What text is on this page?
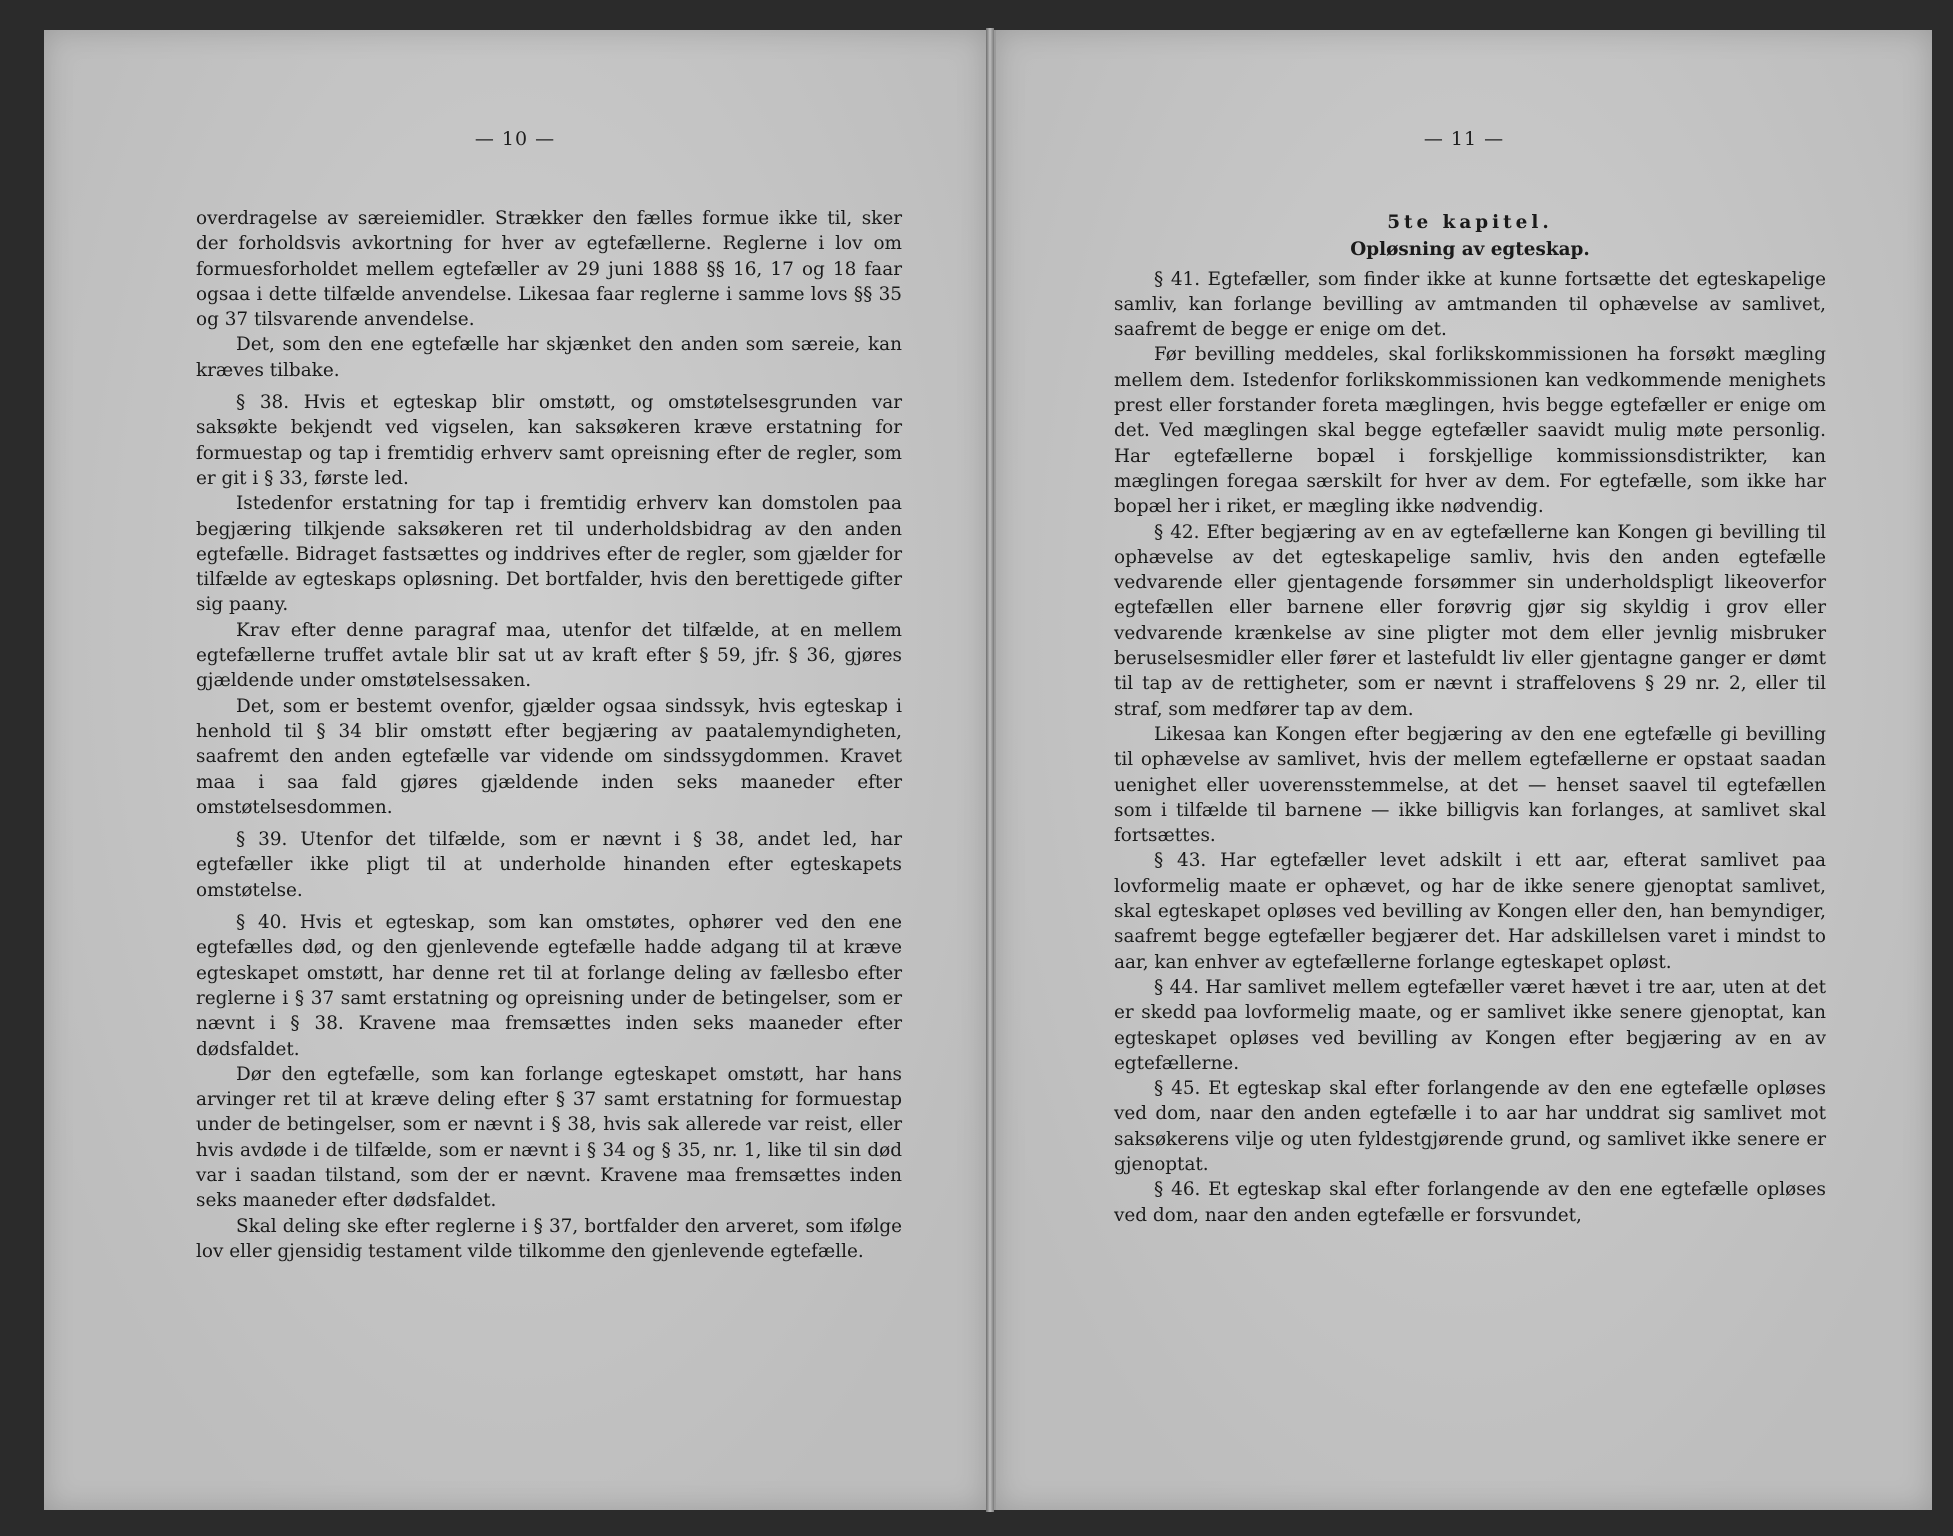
— 10 —

overdragelse av særeiemidler. Strækker den fælles formue ikke til, sker der forholdsvis avkortning for hver av egtefællerne. Reglerne i lov om formuesforholdet mellem egtefæller av 29 juni 1888 §§ 16, 17 og 18 faar ogsaa i dette tilfælde anvendelse. Likesaa faar reglerne i samme lovs §§ 35 og 37 tilsvarende anvendelse.

Det, som den ene egtefælle har skjænket den anden som særeie, kan kræves tilbake.

§ 38. Hvis et egteskap blir omstøtt, og omstøtelsesgrunden var saksøkte bekjendt ved vigselen, kan saksøkeren kræve erstatning for formuestap og tap i fremtidig erhverv samt opreisning efter de regler, som er git i § 33, første led.

Istedenfor erstatning for tap i fremtidig erhverv kan domstolen paa begjæring tilkjende saksøkeren ret til underholdsbidrag av den anden egtefælle. Bidraget fastsættes og inddrives efter de regler, som gjælder for tilfælde av egteskaps opløsning. Det bortfalder, hvis den berettigede gifter sig paany.

Krav efter denne paragraf maa, utenfor det tilfælde, at en mellem egtefællerne truffet avtale blir sat ut av kraft efter § 59, jfr. § 36, gjøres gjældende under omstøtelsessaken.

Det, som er bestemt ovenfor, gjælder ogsaa sindssyk, hvis egteskap i henhold til § 34 blir omstøtt efter begjæring av paatalemyndigheten, saafremt den anden egtefælle var vidende om sindssygdommen. Kravet maa i saa fald gjøres gjældende inden seks maaneder efter omstøtelsesdommen.

§ 39. Utenfor det tilfælde, som er nævnt i § 38, andet led, har egtefæller ikke pligt til at underholde hinanden efter egteskapets omstøtelse.

§ 40. Hvis et egteskap, som kan omstøtes, ophører ved den ene egtefælles død, og den gjenlevende egtefælle hadde adgang til at kræve egteskapet omstøtt, har denne ret til at forlange deling av fællesbo efter reglerne i § 37 samt erstatning og opreisning under de betingelser, som er nævnt i § 38. Kravene maa fremsættes inden seks maaneder efter dødsfaldet.

Dør den egtefælle, som kan forlange egteskapet omstøtt, har hans arvinger ret til at kræve deling efter § 37 samt erstatning for formuestap under de betingelser, som er nævnt i § 38, hvis sak allerede var reist, eller hvis avdøde i de tilfælde, som er nævnt i § 34 og § 35, nr. 1, like til sin død var i saadan tilstand, som der er nævnt. Kravene maa fremsættes inden seks maaneder efter dødsfaldet.

Skal deling ske efter reglerne i § 37, bortfalder den arveret, som ifølge lov eller gjensidig testament vilde tilkomme den gjenlevende egtefælle.

— 11 —

5te kapitel.

Opløsning av egteskap.

§ 41. Egtefæller, som finder ikke at kunne fortsætte det egteskapelige samliv, kan forlange bevilling av amtmanden til ophævelse av samlivet, saafremt de begge er enige om det.

Før bevilling meddeles, skal forlikskommissionen ha forsøkt mægling mellem dem. Istedenfor forlikskommissionen kan vedkommende menighets prest eller forstander foreta mæglingen, hvis begge egtefæller er enige om det. Ved mæglingen skal begge egtefæller saavidt mulig møte personlig. Har egtefællerne bopæl i forskjellige kommissionsdistrikter, kan mæglingen foregaa særskilt for hver av dem. For egtefælle, som ikke har bopæl her i riket, er mægling ikke nødvendig.

§ 42. Efter begjæring av en av egtefællerne kan Kongen gi bevilling til ophævelse av det egteskapelige samliv, hvis den anden egtefælle vedvarende eller gjentagende forsømmer sin underholdspligt likeoverfor egtefællen eller barnene eller forøvrig gjør sig skyldig i grov eller vedvarende krænkelse av sine pligter mot dem eller jevnlig misbruker beruselsesmidler eller fører et lastefuldt liv eller gjentagne ganger er dømt til tap av de rettigheter, som er nævnt i straffelovens § 29 nr. 2, eller til straf, som medfører tap av dem.

Likesaa kan Kongen efter begjæring av den ene egtefælle gi bevilling til ophævelse av samlivet, hvis der mellem egtefællerne er opstaat saadan uenighet eller uoverensstemmelse, at det — henset saavel til egtefællen som i tilfælde til barnene — ikke billigvis kan forlanges, at samlivet skal fortsættes.

§ 43. Har egtefæller levet adskilt i ett aar, efterat samlivet paa lovformelig maate er ophævet, og har de ikke senere gjenoptat samlivet, skal egteskapet opløses ved bevilling av Kongen eller den, han bemyndiger, saafremt begge egtefæller begjærer det. Har adskillelsen varet i mindst to aar, kan enhver av egtefællerne forlange egteskapet opløst.

§ 44. Har samlivet mellem egtefæller været hævet i tre aar, uten at det er skedd paa lovformelig maate, og er samlivet ikke senere gjenoptat, kan egteskapet opløses ved bevilling av Kongen efter begjæring av en av egtefællerne.

§ 45. Et egteskap skal efter forlangende av den ene egtefælle opløses ved dom, naar den anden egtefælle i to aar har unddrat sig samlivet mot saksøkerens vilje og uten fyldestgjørende grund, og samlivet ikke senere er gjenoptat.

§ 46. Et egteskap skal efter forlangende av den ene egtefælle opløses ved dom, naar den anden egtefælle er forsvundet,
